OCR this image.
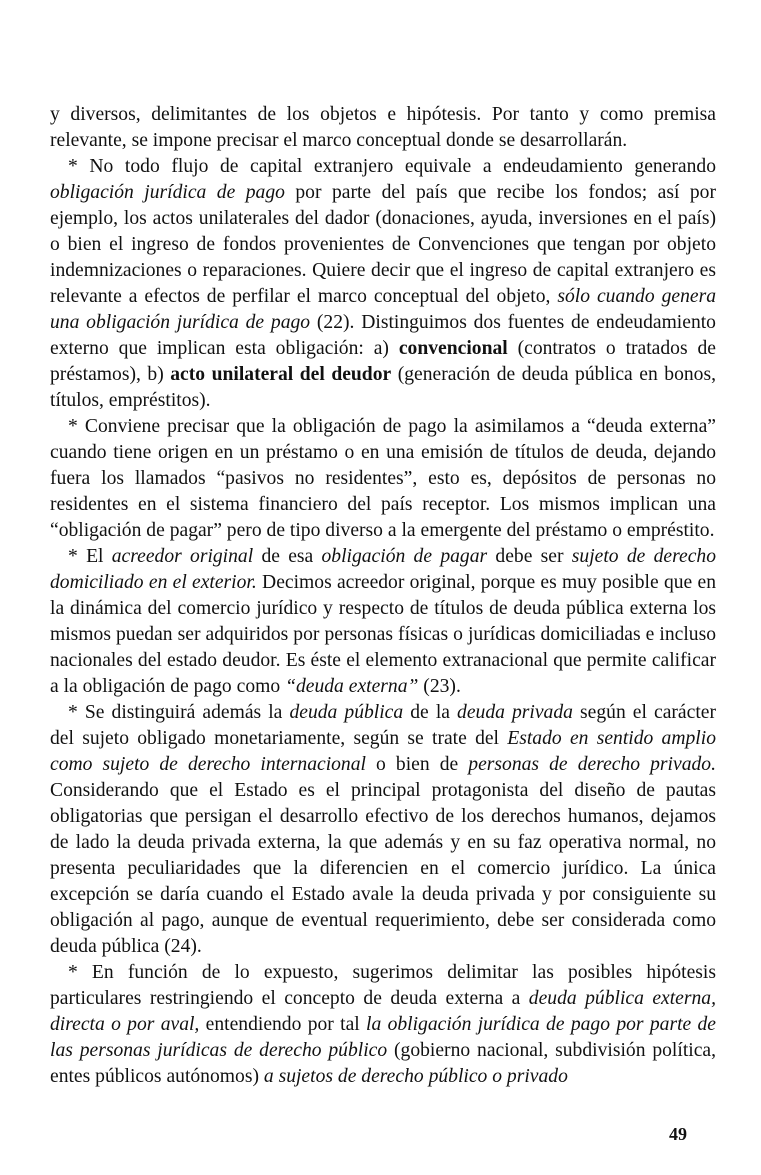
y diversos, delimitantes de los objetos e hipótesis. Por tanto y como premisa relevante, se impone precisar el marco conceptual donde se desarrollarán.

* No todo flujo de capital extranjero equivale a endeudamiento generando obligación jurídica de pago por parte del país que recibe los fondos; así por ejemplo, los actos unilaterales del dador (donaciones, ayuda, inversiones en el país) o bien el ingreso de fondos provenientes de Convenciones que tengan por objeto indemnizaciones o reparaciones. Quiere decir que el ingreso de capital extranjero es relevante a efectos de perfilar el marco conceptual del objeto, sólo cuando genera una obligación jurídica de pago (22). Distinguimos dos fuentes de endeudamiento externo que implican esta obligación: a) convencional (contratos o tratados de préstamos), b) acto unilateral del deudor (generación de deuda pública en bonos, títulos, empréstitos).

* Conviene precisar que la obligación de pago la asimilamos a “deuda externa” cuando tiene origen en un préstamo o en una emisión de títulos de deuda, dejando fuera los llamados “pasivos no residentes”, esto es, depósitos de personas no residentes en el sistema financiero del país receptor. Los mismos implican una “obligación de pagar” pero de tipo diverso a la emergente del préstamo o empréstito.

* El acreedor original de esa obligación de pagar debe ser sujeto de derecho domiciliado en el exterior. Decimos acreedor original, porque es muy posible que en la dinámica del comercio jurídico y respecto de títulos de deuda pública externa los mismos puedan ser adquiridos por personas físicas o jurídicas domiciliadas e incluso nacionales del estado deudor. Es éste el elemento extranacional que permite calificar a la obligación de pago como “deuda externa” (23).

* Se distinguirá además la deuda pública de la deuda privada según el carácter del sujeto obligado monetariamente, según se trate del Estado en sentido amplio como sujeto de derecho internacional o bien de personas de derecho privado. Considerando que el Estado es el principal protagonista del diseño de pautas obligatorias que persigan el desarrollo efectivo de los derechos humanos, dejamos de lado la deuda privada externa, la que además y en su faz operativa normal, no presenta peculiaridades que la diferencien en el comercio jurídico. La única excepción se daría cuando el Estado avale la deuda privada y por consiguiente su obligación al pago, aunque de eventual requerimiento, debe ser considerada como deuda pública (24).

* En función de lo expuesto, sugerimos delimitar las posibles hipótesis particulares restringiendo el concepto de deuda externa a deuda pública externa, directa o por aval, entendiendo por tal la obligación jurídica de pago por parte de las personas jurídicas de derecho público (gobierno nacional, subdivisión política, entes públicos autónomos) a sujetos de derecho público o privado

49
